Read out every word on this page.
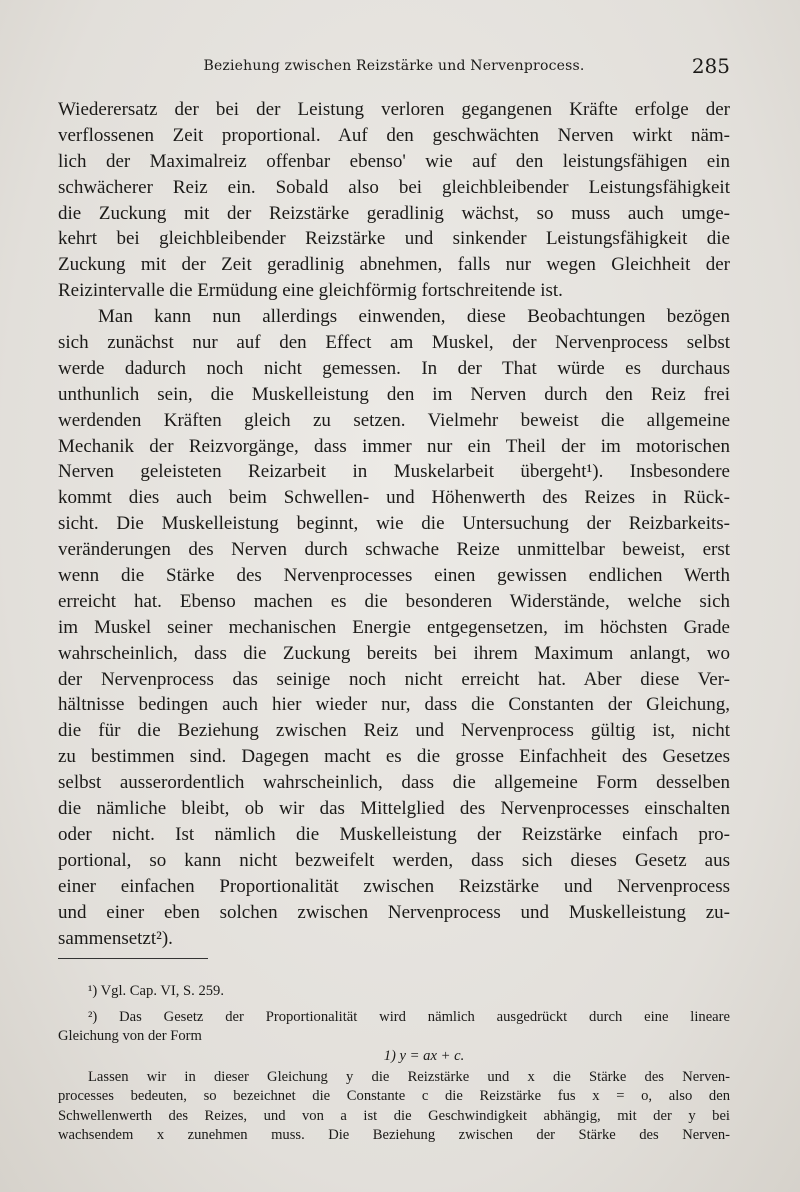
Beziehung zwischen Reizstärke und Nervenprocess.	285
Wiederersatz der bei der Leistung verloren gegangenen Kräfte erfolge der
verflossenen Zeit proportional. Auf den geschwächten Nerven wirkt näm-
lich der Maximalreiz offenbar ebenso' wie auf den leistungsfähigen ein
schwächerer Reiz ein. Sobald also bei gleichbleibender Leistungsfähigkeit
die Zuckung mit der Reizstärke geradlinig wächst, so muss auch umge-
kehrt bei gleichbleibender Reizstärke und sinkender Leistungsfähigkeit die
Zuckung mit der Zeit geradlinig abnehmen, falls nur wegen Gleichheit der
Reizintervalle die Ermüdung eine gleichförmig fortschreitende ist.
Man kann nun allerdings einwenden, diese Beobachtungen bezögen
sich zunächst nur auf den Effect am Muskel, der Nervenprocess selbst
werde dadurch noch nicht gemessen. In der That würde es durchaus
unthunlich sein, die Muskelleistung den im Nerven durch den Reiz frei
werdenden Kräften gleich zu setzen. Vielmehr beweist die allgemeine
Mechanik der Reizvorgänge, dass immer nur ein Theil der im motorischen
Nerven geleisteten Reizarbeit in Muskelarbeit übergeht¹). Insbesondere
kommt dies auch beim Schwellen- und Höhenwerth des Reizes in Rück-
sicht. Die Muskelleistung beginnt, wie die Untersuchung der Reizbarkeits-
veränderungen des Nerven durch schwache Reize unmittelbar beweist, erst
wenn die Stärke des Nervenprocesses einen gewissen endlichen Werth
erreicht hat. Ebenso machen es die besonderen Widerstände, welche sich
im Muskel seiner mechanischen Energie entgegensetzen, im höchsten Grade
wahrscheinlich, dass die Zuckung bereits bei ihrem Maximum anlangt, wo
der Nervenprocess das seinige noch nicht erreicht hat. Aber diese Ver-
hältnisse bedingen auch hier wieder nur, dass die Constanten der Gleichung,
die für die Beziehung zwischen Reiz und Nervenprocess gültig ist, nicht
zu bestimmen sind. Dagegen macht es die grosse Einfachheit des Gesetzes
selbst ausserordentlich wahrscheinlich, dass die allgemeine Form desselben
die nämliche bleibt, ob wir das Mittelglied des Nervenprocesses einschalten
oder nicht. Ist nämlich die Muskelleistung der Reizstärke einfach pro-
portional, so kann nicht bezweifelt werden, dass sich dieses Gesetz aus
einer einfachen Proportionalität zwischen Reizstärke und Nervenprocess
und einer eben solchen zwischen Nervenprocess und Muskelleistung zu-
sammensetzt²).
¹) Vgl. Cap. VI, S. 259.
²) Das Gesetz der Proportionalität wird nämlich ausgedrückt durch eine lineare
Gleichung von der Form
1) y = ax + c.
Lassen wir in dieser Gleichung y die Reizstärke und x die Stärke des Nerven-
processes bedeuten, so bezeichnet die Constante c die Reizstärke fus x = o, also den
Schwellenwerth des Reizes, und von a ist die Geschwindigkeit abhängig, mit der y bei
wachsendem x zunehmen muss. Die Beziehung zwischen der Stärke des Nerven-
